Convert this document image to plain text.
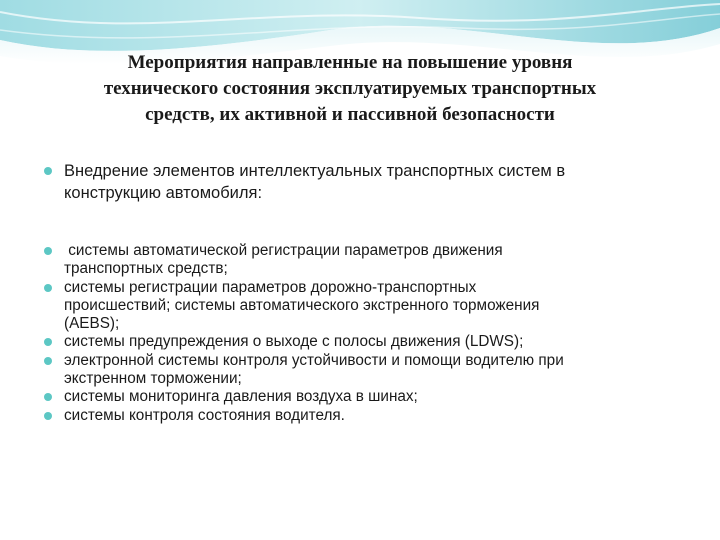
Мероприятия направленные на повышение уровня
технического состояния эксплуатируемых транспортных
средств, их активной и пассивной безопасности
Внедрение элементов интеллектуальных транспортных систем в
конструкцию автомобиля:
системы автоматической регистрации параметров движения
транспортных средств;
системы регистрации параметров дорожно-транспортных
происшествий; системы автоматического экстренного торможения
(AEBS);
системы предупреждения о выходе с полосы движения (LDWS);
электронной системы контроля устойчивости и помощи водителю при
экстренном торможении;
системы мониторинга давления воздуха в шинах;
системы контроля состояния водителя.
